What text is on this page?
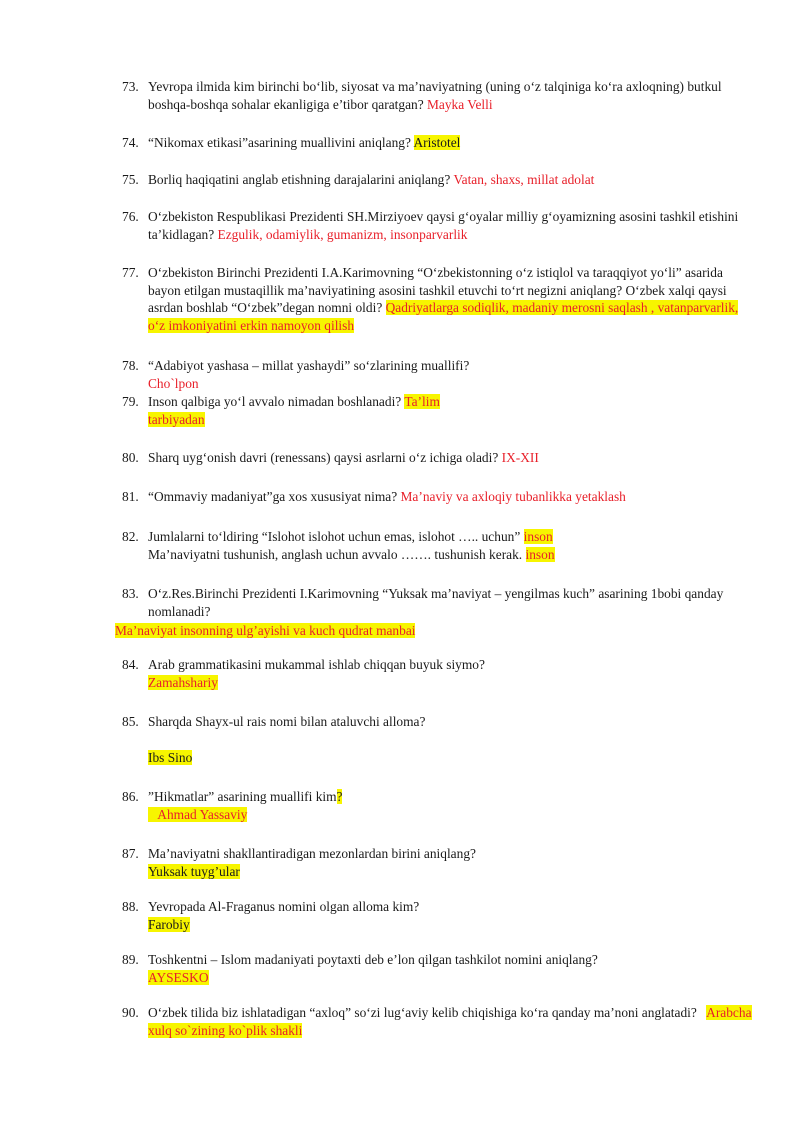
73. Yevropa ilmida kim birinchi bo‘lib, siyosat va ma’naviyatning (uning o‘z talqiniga ko‘ra axloqning) butkul boshqa-boshqa sohalar ekanligiga e’tibor qaratgan? Mayka Velli
74. “Nikomax etikasi”asarining muallivini aniqlang? Aristotel
75. Borliq haqiqatini anglab etishning darajalarini aniqlang? Vatan, shaxs, millat adolat
76. O‘zbekiston Respublikasi Prezidenti SH.Mirziyoev qaysi g‘oyalar milliy g‘oyamizning asosini tashkil etishini ta’kidlagan? Ezgulik, odamiylik, gumanizm, insonparvarlik
77. O‘zbekiston Birinchi Prezidenti I.A.Karimovning “O‘zbekistonning o‘z istiqlol va taraqqiyot yo‘li” asarida bayon etilgan mustaqillik ma’naviyatining asosini tashkil etuvchi to‘rt negizni aniqlang? O‘zbek xalqi qaysi asrdan boshlab “O‘zbek”degan nomni oldi? Qadriyatlarga sodiqlik, madaniy merosni saqlash , vatanparvarlik, o‘z imkoniyatini erkin namoyon qilish
78. “Adabiyot yashasa – millat yashaydi” so‘zlarining muallifi?
Cho`lpon
79. Inson qalbiga yo‘l avvalo nimadan boshlanadi? Ta’lim
tarbiyadan
80. Sharq uyg‘onish davri (renessans) qaysi asrlarni o‘z ichiga oladi? IX-XII
81. “Ommaviy madaniyat”ga xos xususiyat nima? Ma’naviy va axloqiy tubanlikka yetaklash
82. Jumlalarni to‘ldiring “Islohot islohot uchun emas, islohot ….. uchun” inson
Ma’naviyatni tushunish, anglash uchun avvalo ……. tushunish kerak. inson
83. O‘z.Res.Birinchi Prezidenti I.Karimovning “Yuksak ma’naviyat – yengilmas kuch” asarining 1bobi qanday nomlanadi?
Ma’naviyat insonning ulg’ayishi va kuch qudrat manbai
84. Arab grammatikasini mukammal ishlab chiqqan buyuk siymo?
Zamahshariy
85. Sharqda Shayx-ul rais nomi bilan ataluvchi alloma?
Ibs Sino
86. ”Hikmatlar” asarining muallifi kim?
Ahmad Yassaviy
87. Ma’naviyatni shakllantiradigan mezonlardan birini aniqlang?
Yuksak tuyg’ular
88. Yevropada Al-Fraganus nomini olgan alloma kim?
Farobiy
89. Toshkentni – Islom madaniyati poytaxti deb e’lon qilgan tashkilot nomini aniqlang?
AYSESKO
90. O‘zbek tilida biz ishlatadigan “axloq” so‘zi lug‘aviy kelib chiqishiga ko‘ra qanday ma’noni anglatadi? Arabcha xulq so`zining ko`plik shakli
